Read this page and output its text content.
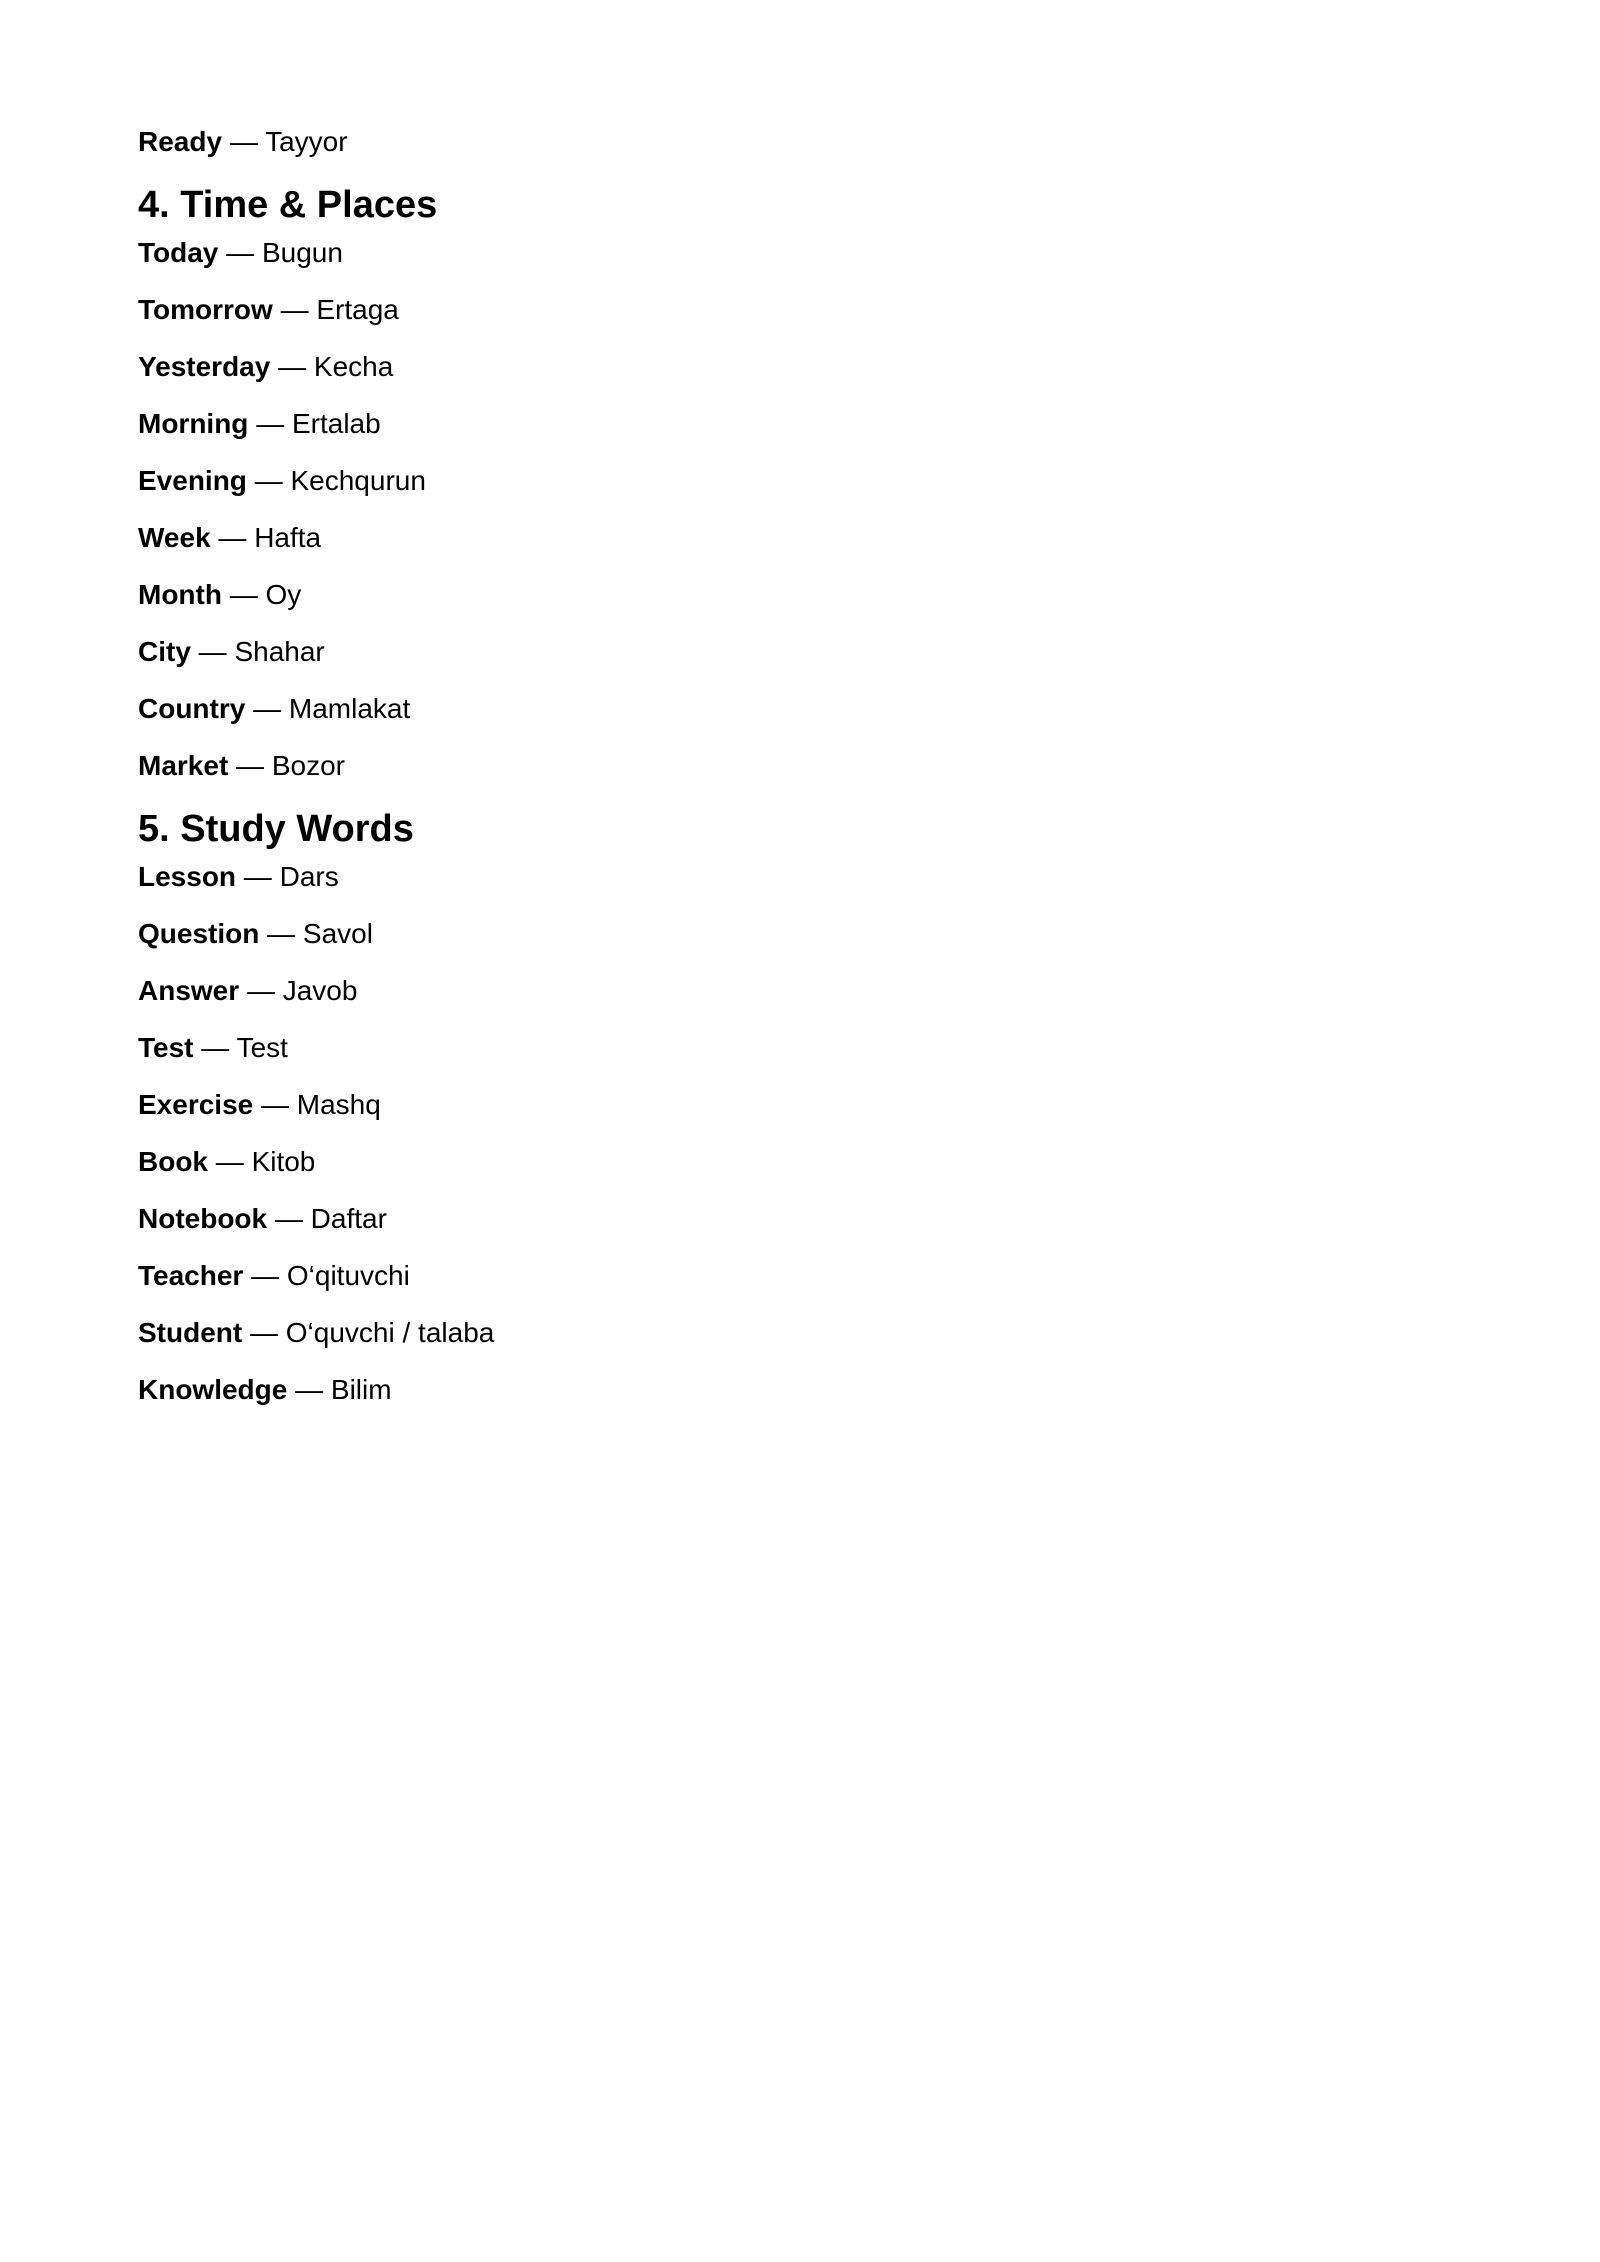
Ready — Tayyor
4. Time & Places
Today — Bugun
Tomorrow — Ertaga
Yesterday — Kecha
Morning — Ertalab
Evening — Kechqurun
Week — Hafta
Month — Oy
City — Shahar
Country — Mamlakat
Market — Bozor
5. Study Words
Lesson — Dars
Question — Savol
Answer — Javob
Test — Test
Exercise — Mashq
Book — Kitob
Notebook — Daftar
Teacher — O‘qituvchi
Student — O‘quvchi / talaba
Knowledge — Bilim
